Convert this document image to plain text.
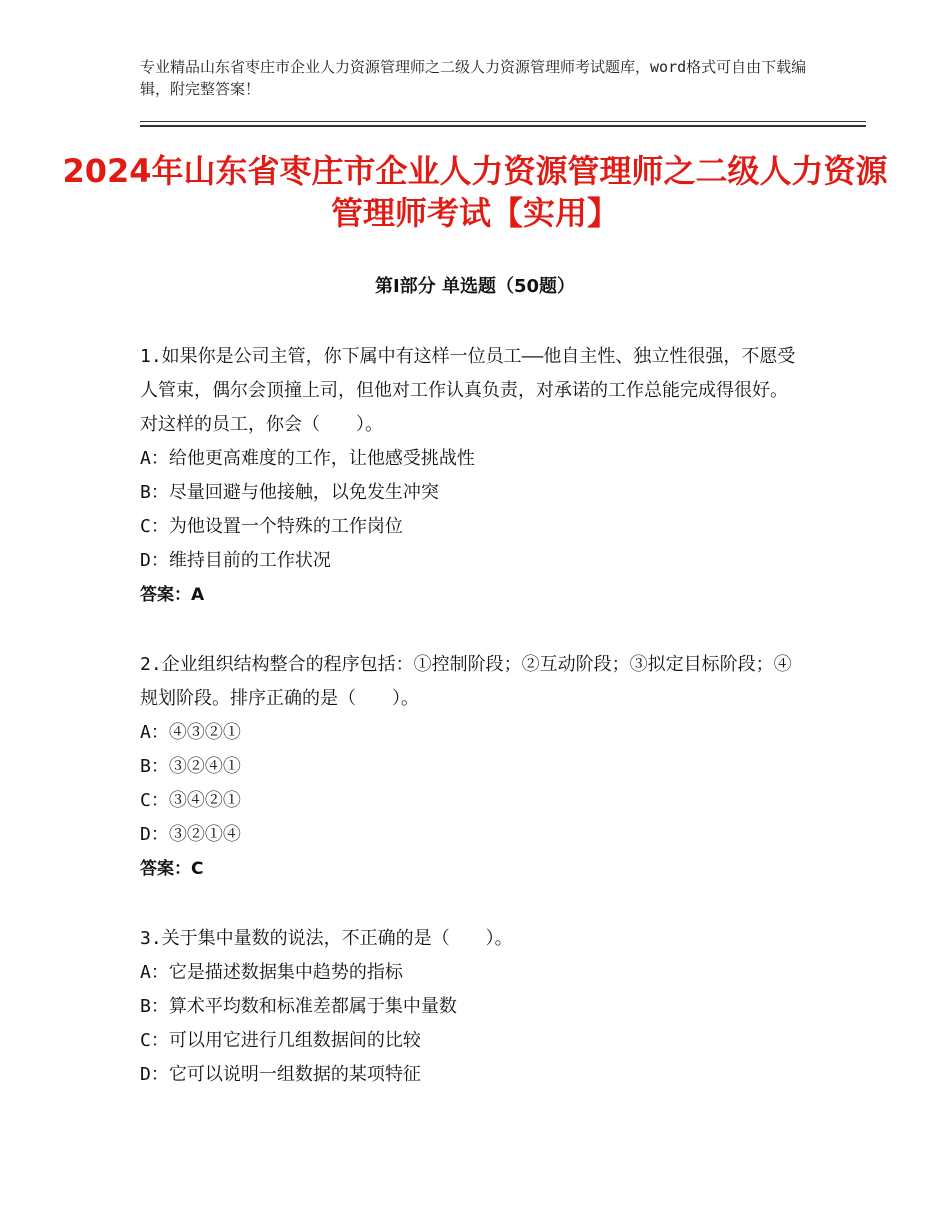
专业精品山东省枣庄市企业人力资源管理师之二级人力资源管理师考试题库，word格式可自由下载编辑，附完整答案！
2024年山东省枣庄市企业人力资源管理师之二级人力资源管理师考试【实用】
第Ⅰ部分 单选题（50题）
1.如果你是公司主管，你下属中有这样一位员工——他自主性、独立性很强，不愿受人管束，偶尔会顶撞上司，但他对工作认真负责，对承诺的工作总能完成得很好。对这样的员工，你会（　　）。
A：给他更高难度的工作，让他感受挑战性
B：尽量回避与他接触，以免发生冲突
C：为他设置一个特殊的工作岗位
D：维持目前的工作状况
答案：A
2.企业组织结构整合的程序包括：①控制阶段；②互动阶段；③拟定目标阶段；④规划阶段。排序正确的是（　　）。
A：④③②①
B：③②④①
C：③④②①
D：③②①④
答案：C
3.关于集中量数的说法，不正确的是（　　）。
A：它是描述数据集中趋势的指标
B：算术平均数和标准差都属于集中量数
C：可以用它进行几组数据间的比较
D：它可以说明一组数据的某项特征
